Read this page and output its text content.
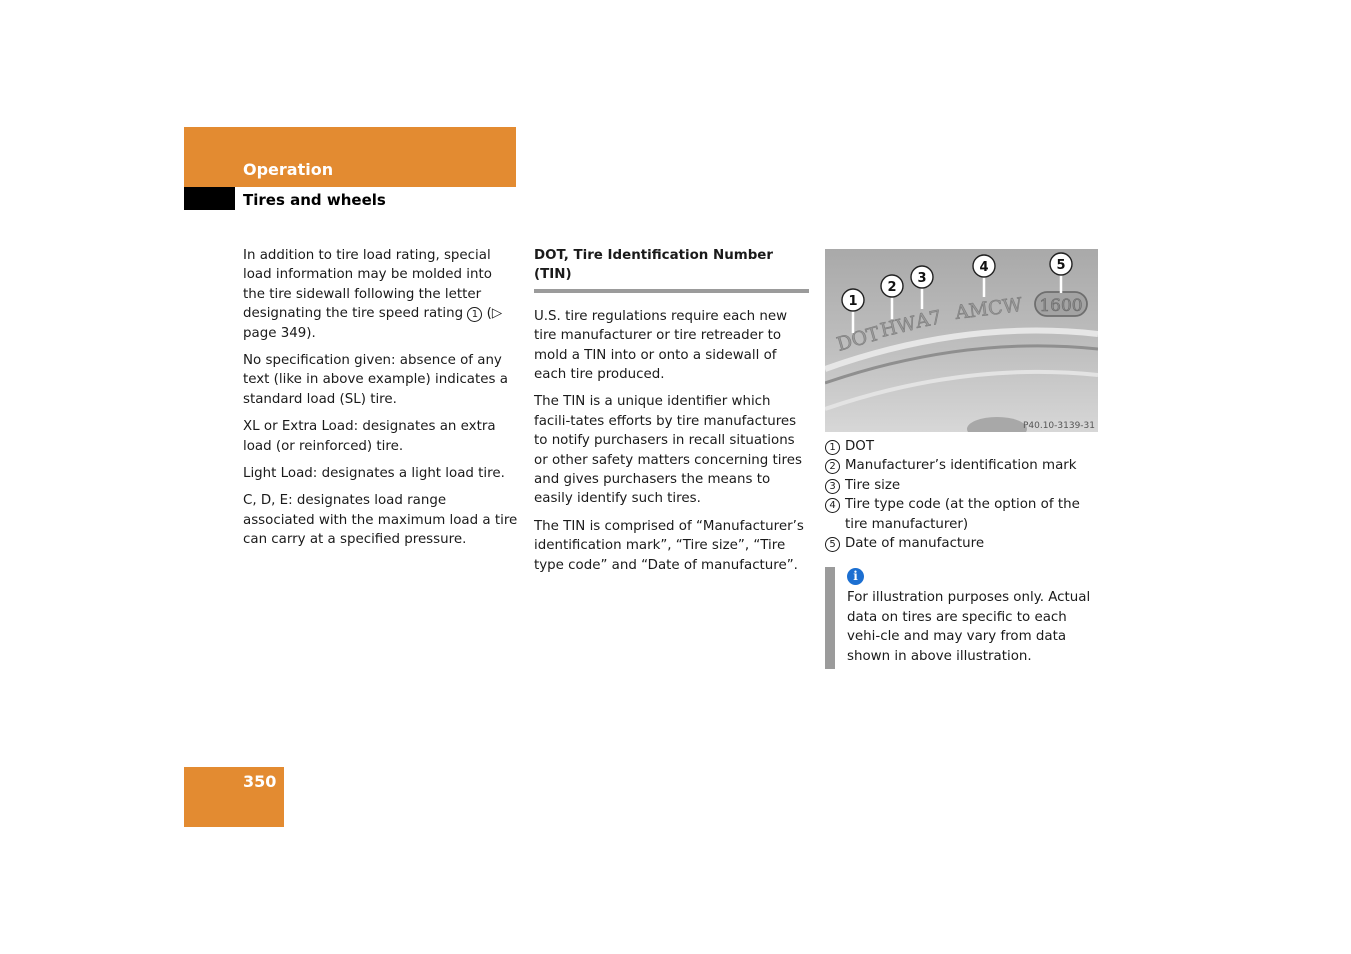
Operation
Tires and wheels

In addition to tire load rating, special load information may be molded into the tire sidewall following the letter designating the tire speed rating 1 (▷ page 349).

No specification given: absence of any text (like in above example) indicates a standard load (SL) tire.

XL or Extra Load: designates an extra load (or reinforced) tire.

Light Load: designates a light load tire.

C, D, E: designates load range associated with the maximum load a tire can carry at a specified pressure.

DOT, Tire Identification Number (TIN)

U.S. tire regulations require each new tire manufacturer or tire retreader to mold a TIN into or onto a sidewall of each tire produced.

The TIN is a unique identifier which facili-tates efforts by tire manufactures to notify purchasers in recall situations or other safety matters concerning tires and gives purchasers the means to easily identify such tires.

The TIN is comprised of “Manufacturer’s identification mark”, “Tire size”, “Tire type code” and “Date of manufacture”.

DOT
HW
A7 AMCW 1600
1
2
3
4	5
P40.10-3139-31
1 DOT
2 Manufacturer’s identification mark
3 Tire size
4 Tire type code (at the option of the tire manufacturer)
5 Date of manufacture
i
For illustration purposes only. Actual data on tires are specific to each vehi-cle and may vary from data shown in above illustration.
350
